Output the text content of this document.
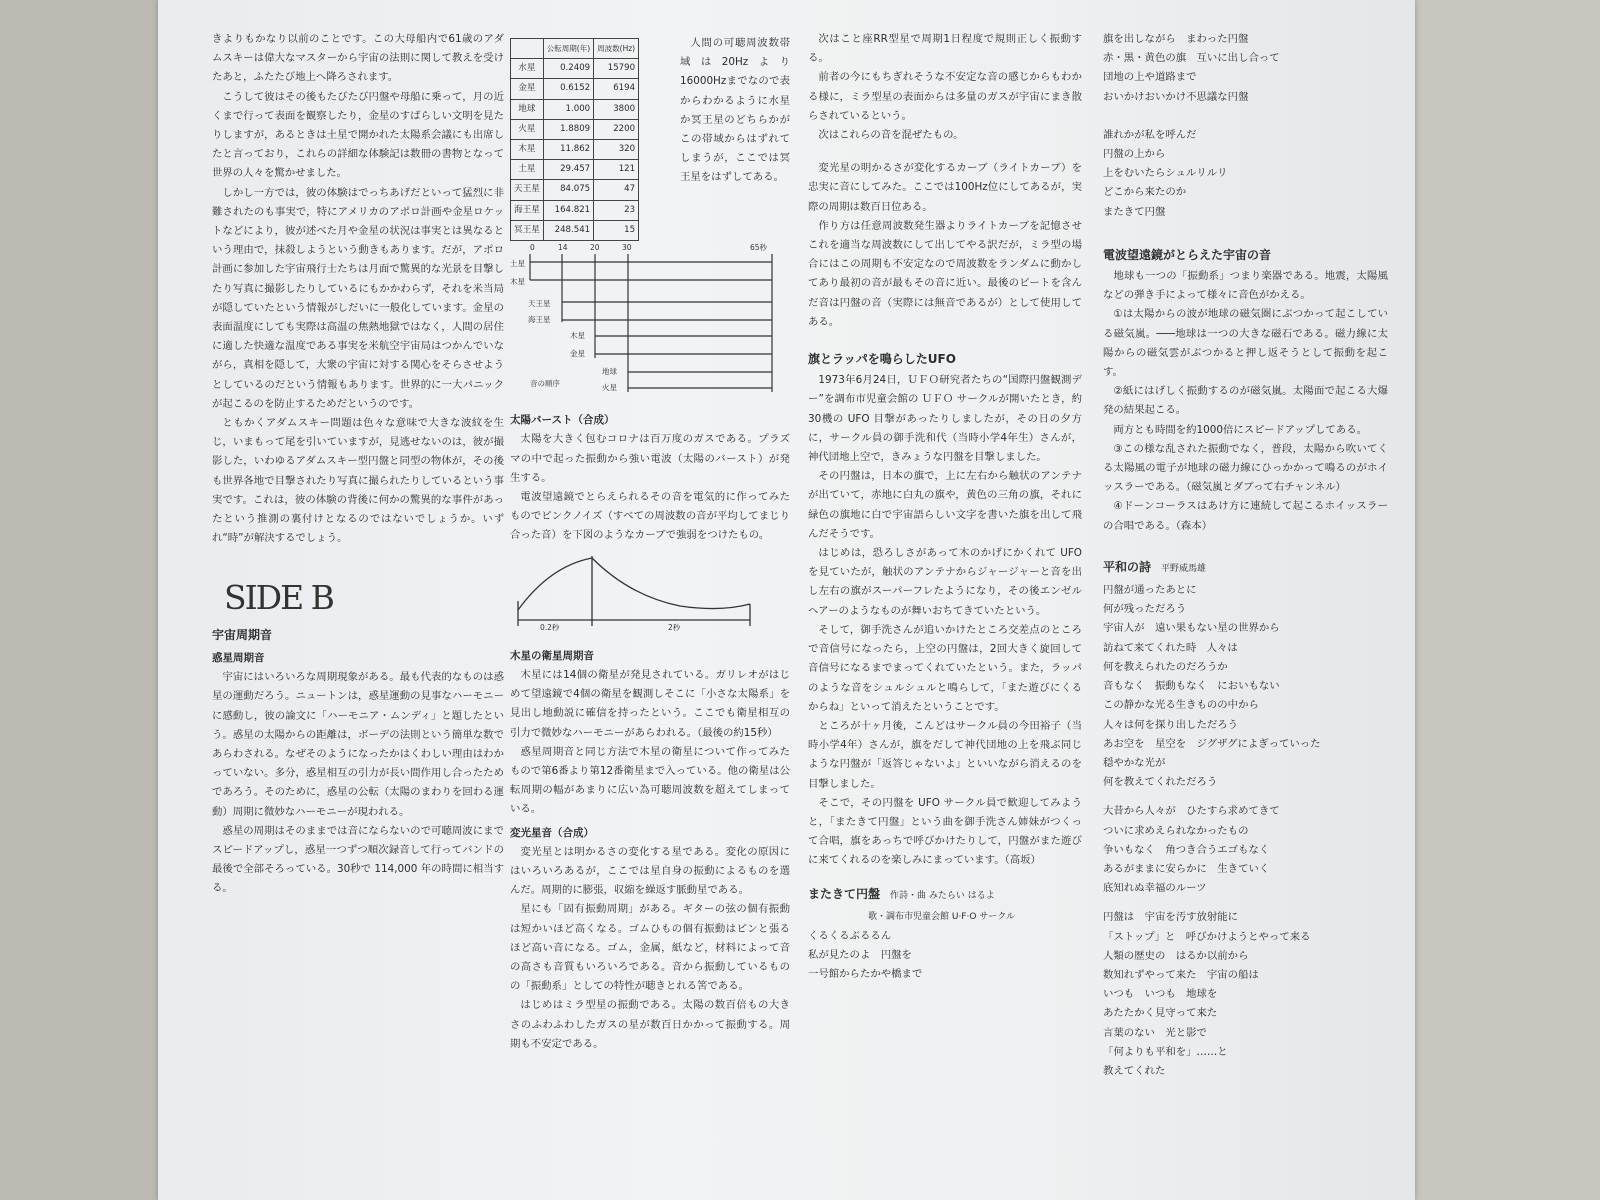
きよりもかなり以前のことです。この大母船内で61歳のアダムスキーは偉大なマスターから宇宙の法則に関して教えを受けたあと，ふたたび地上へ降ろされます。

こうして彼はその後もたびたび円盤や母船に乗って，月の近くまで行って表面を観察したり，金星のすばらしい文明を見たりしますが，あるときは土星で開かれた太陽系会議にも出席したと言っており，これらの詳細な体験記は数冊の書物となって世界の人々を驚かせました。

しかし一方では，彼の体験はでっちあげだといって猛烈に非難されたのも事実で，特にアメリカのアポロ計画や金星ロケットなどにより，彼が述べた月や金星の状況は事実とは異なるという理由で，抹殺しようという動きもあります。だが，アポロ計画に参加した宇宙飛行士たちは月面で驚異的な光景を目撃したり写真に撮影したりしているにもかかわらず，それを米当局が隠していたという情報がしだいに一般化しています。金星の表面温度にしても実際は高温の焦熱地獄ではなく，人間の居住に適した快適な温度である事実を米航空宇宙局はつかんでいながら，真相を隠して，大衆の宇宙に対する関心をそらさせようとしているのだという情報もあります。世界的に一大パニックが起こるのを防止するためだというのです。

ともかくアダムスキー問題は色々な意味で大きな波紋を生じ，いまもって尾を引いていますが，見逃せないのは，彼が撮影した，いわゆるアダムスキー型円盤と同型の物体が，その後も世界各地で目撃されたり写真に撮られたりしているという事実です。これは，彼の体験の背後に何かの驚異的な事件があったという推測の裏付けとなるのではないでしょうか。いずれ“時”が解決するでしょう。

SIDE B
宇宙周期音
惑星周期音

宇宙にはいろいろな周期現象がある。最も代表的なものは惑星の運動だろう。ニュートンは，惑星運動の見事なハーモニーに感動し，彼の論文に「ハーモニア・ムンディ」と題したという。惑星の太陽からの距離は，ボーデの法則という簡単な数であらわされる。なぜそのようになったかはくわしい理由はわかっていない。多分，惑星相互の引力が長い間作用し合ったためであろう。そのために，惑星の公転（太陽のまわりを回わる運動）周期に微妙なハーモニーが現われる。

惑星の周期はそのままでは音にならないので可聴周波にまでスピードアップし，惑星一つずつ順次録音して行ってバンドの最後で全部そろっている。30秒で 114,000 年の時間に相当する。

	公転周期(年)	周波数(Hz)
水星	0.2409	15790
金星	0.6152	6194
地球	1.000	3800
火星	1.8809	2200
木星	11.862	320
土星	29.457	121
天王星	84.075	47
海王星	164.821	23
冥王星	248.541	15

人間の可聴周波数帯域は20Hzより16000Hzまでなので表からわかるように水星か冥王星のどちらかがこの帯域からはずれてしまうが，ここでは冥王星をはずしてある。

0	14	20	30	65秒
土星
木星
天王星
海王星
木星
金星
地球
火星
音の順序
太陽バースト（合成）

太陽を大きく包むコロナは百万度のガスである。プラズマの中で起った振動から強い電波（太陽のバースト）が発生する。

電波望遠鏡でとらえられるその音を電気的に作ってみたものでピンクノイズ（すべての周波数の音が平均してまじり合った音）を下図のようなカーブで強弱をつけたもの。

0.2秒	2秒
木星の衛星周期音

木星には14個の衛星が発見されている。ガリレオがはじめて望遠鏡で4個の衛星を観測しそこに「小さな太陽系」を見出し地動説に確信を持ったという。ここでも衛星相互の引力で微妙なハーモニーがあらわれる。（最後の約15秒）

惑星周期音と同じ方法で木星の衛星について作ってみたもので第6番より第12番衛星まで入っている。他の衛星は公転周期の幅があまりに広い為可聴周波数を超えてしまっている。

変光星音（合成）

変光星とは明かるさの変化する星である。変化の原因にはいろいろあるが，ここでは星自身の振動によるものを選んだ。周期的に膨張，収縮を繰返す脈動星である。

星にも「固有振動周期」がある。ギターの弦の個有振動は短かいほど高くなる。ゴムひもの個有振動はピンと張るほど高い音になる。ゴム，金属，紙など，材料によって音の高さも音質もいろいろである。音から振動しているものの「振動系」としての特性が聴きとれる筈である。

はじめはミラ型星の振動である。太陽の数百倍もの大きさのふわふわしたガスの星が数百日かかって振動する。周期も不安定である。

次はこと座RR型星で周期1日程度で規則正しく振動する。

前者の今にもちぎれそうな不安定な音の感じからもわかる様に，ミラ型星の表面からは多量のガスが宇宙にまき散らされているという。

次はこれらの音を混ぜたもの。

変光星の明かるさが変化するカーブ（ライトカーブ）を忠実に音にしてみた。ここでは100Hz位にしてあるが，実際の周期は数百日位ある。

作り方は任意周波数発生器よりライトカーブを記憶させこれを適当な周波数にして出してやる訳だが，ミラ型の場合にはこの周期も不安定なので周波数をランダムに動かしてあり最初の音が最もその音に近い。最後のビートを含んだ音は円盤の音（実際には無音であるが）として使用してある。

旗とラッパを鳴らしたUFO

1973年6月24日，ＵＦＯ研究者たちの“国際円盤観測デー”を調布市児童会館の ＵＦＯ サークルが開いたとき，約30機の UFO 目撃があったりしましたが，その日の夕方に，サークル員の御手洗和代（当時小学4年生）さんが，神代団地上空で，きみょうな円盤を目撃しました。

その円盤は，日本の旗で，上に左右から触状のアンテナが出ていて，赤地に白丸の旗や，黄色の三角の旗，それに緑色の旗地に白で宇宙語らしい文字を書いた旗を出して飛んだそうです。

はじめは，恐ろしさがあって木のかげにかくれて UFO を見ていたが，触状のアンテナからジャージャーと音を出し左右の旗がスーパーフレたようになり，その後エンゼルヘアーのようなものが舞いおちてきていたという。

そして，御手洗さんが追いかけたところ交差点のところで音信号になったら，上空の円盤は，2回大きく旋回して音信号になるまでまってくれていたという。また，ラッパのような音をシュルシュルと鳴らして，「また遊びにくるからね」といって消えたということです。

ところが十ヶ月後，こんどはサークル員の今田裕子（当時小学4年）さんが，旗をだして神代団地の上を飛ぶ同じような円盤が「返答じゃないよ」といいながら消えるのを目撃しました。

そこで，その円盤を UFO サークル員で歓迎してみようと，「またきて円盤」という曲を御手洗さん姉妹がつくって合唱，旗をあっちで呼びかけたりして，円盤がまた遊びに来てくれるのを楽しみにまっています。（高坂）

またきて円盤 作詩・曲 みたらい はるよ

歌・調布市児童会館 U·F·O サークル

くるくるぶるるん

私が見たのよ　円盤を

一号館からたかや橋まで

旗を出しながら　まわった円盤

赤・黒・黄色の旗　互いに出し合って

団地の上や道路まで

おいかけおいかけ不思議な円盤

誰れかが私を呼んだ

円盤の上から

上をむいたらシュルリルリ

どこから来たのか

またきて円盤

電波望遠鏡がとらえた宇宙の音

地球も一つの「振動系」つまり楽器である。地震，太陽風などの弾き手によって様々に音色がかえる。

①は太陽からの波が地球の磁気圏にぶつかって起こしている磁気嵐。───地球は一つの大きな磁石である。磁力線に太陽からの磁気雲がぶつかると押し返そうとして振動を起こす。

②紙にはげしく振動するのが磁気嵐。太陽面で起こる大爆発の結果起こる。

両方とも時間を約1000倍にスピードアップしてある。

③この様な乱された振動でなく，普段，太陽から吹いてくる太陽風の電子が地球の磁力線にひっかかって鳴るのがホイッスラーである。（磁気嵐とダブって右チャンネル）

④ドーンコーラスはあけ方に連続して起こるホイッスラーの合唱である。（森本）

平和の詩 平野威馬雄

円盤が通ったあとに

何が残っただろう

宇宙人が　遠い果もない星の世界から

訪ねて来てくれた時　人々は

何を教えられたのだろうか

音もなく　振動もなく　においもない

この静かな光る生きものの中から

人々は何を探り出しただろう

あお空を　星空を　ジグザグによぎっていった

穏やかな光が

何を教えてくれただろう

大昔から人々が　ひたすら求めてきて

ついに求めえられなかったもの

争いもなく　角つき合うエゴもなく

あるがままに安らかに　生きていく

底知れぬ幸福のルーツ

円盤は　宇宙を汚す放射能に

「ストップ」と　呼びかけようとやって来る

人類の歴史の　はるか以前から

数知れずやって来た　宇宙の船は

いつも　いつも　地球を

あたたかく見守って来た

言葉のない　光と影で

「何よりも平和を」……と

教えてくれた
